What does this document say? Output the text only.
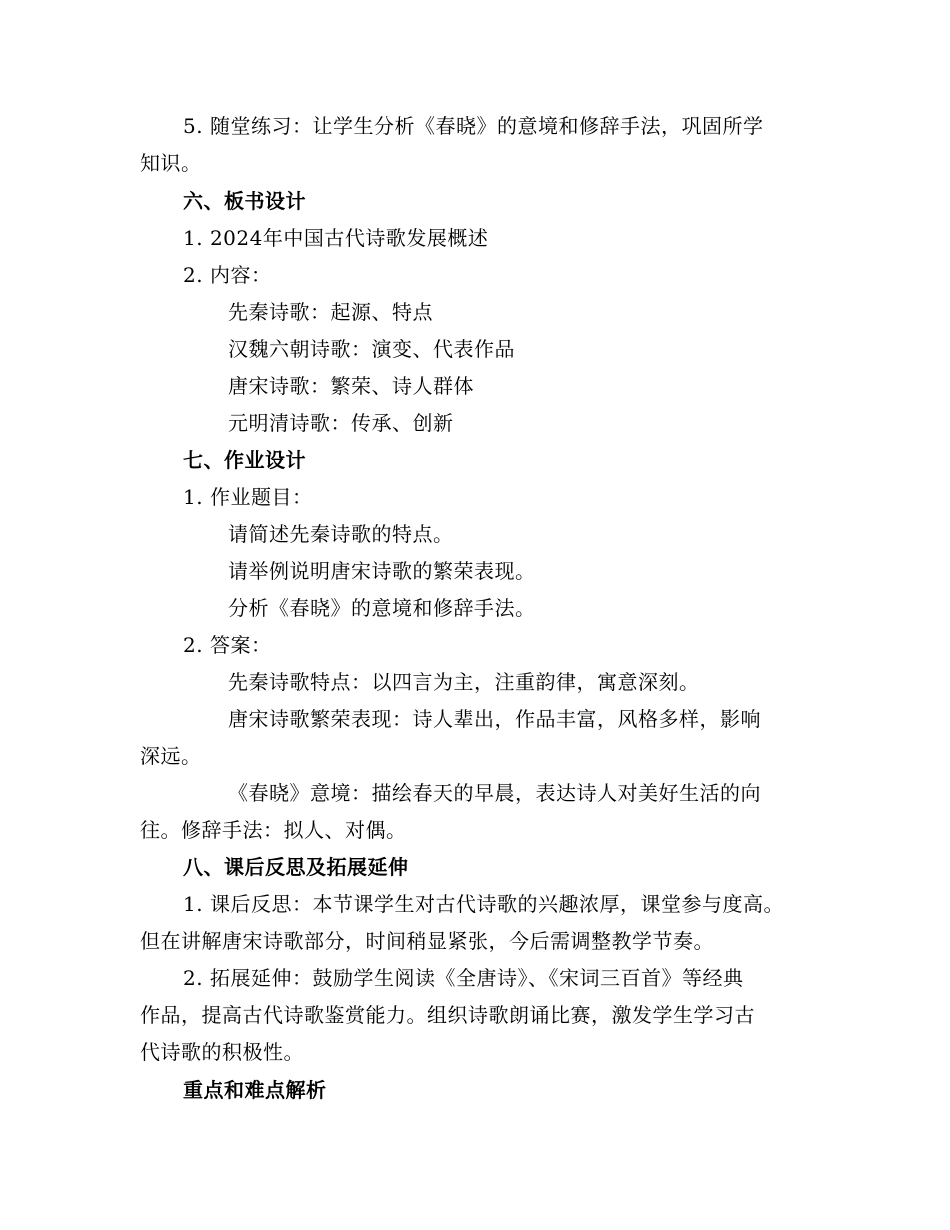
5. 随堂练习：让学生分析《春晓》的意境和修辞手法，巩固所学
知识。
六、板书设计
1. 2024年中国古代诗歌发展概述
2. 内容：
先秦诗歌：起源、特点
汉魏六朝诗歌：演变、代表作品
唐宋诗歌：繁荣、诗人群体
元明清诗歌：传承、创新
七、作业设计
1. 作业题目：
请简述先秦诗歌的特点。
请举例说明唐宋诗歌的繁荣表现。
分析《春晓》的意境和修辞手法。
2. 答案：
先秦诗歌特点：以四言为主，注重韵律，寓意深刻。
唐宋诗歌繁荣表现：诗人辈出，作品丰富，风格多样，影响
深远。
《春晓》意境：描绘春天的早晨，表达诗人对美好生活的向
往。修辞手法：拟人、对偶。
八、课后反思及拓展延伸
1. 课后反思：本节课学生对古代诗歌的兴趣浓厚，课堂参与度高。
但在讲解唐宋诗歌部分，时间稍显紧张，今后需调整教学节奏。
2. 拓展延伸：鼓励学生阅读《全唐诗》、《宋词三百首》等经典
作品，提高古代诗歌鉴赏能力。组织诗歌朗诵比赛，激发学生学习古
代诗歌的积极性。
重点和难点解析
